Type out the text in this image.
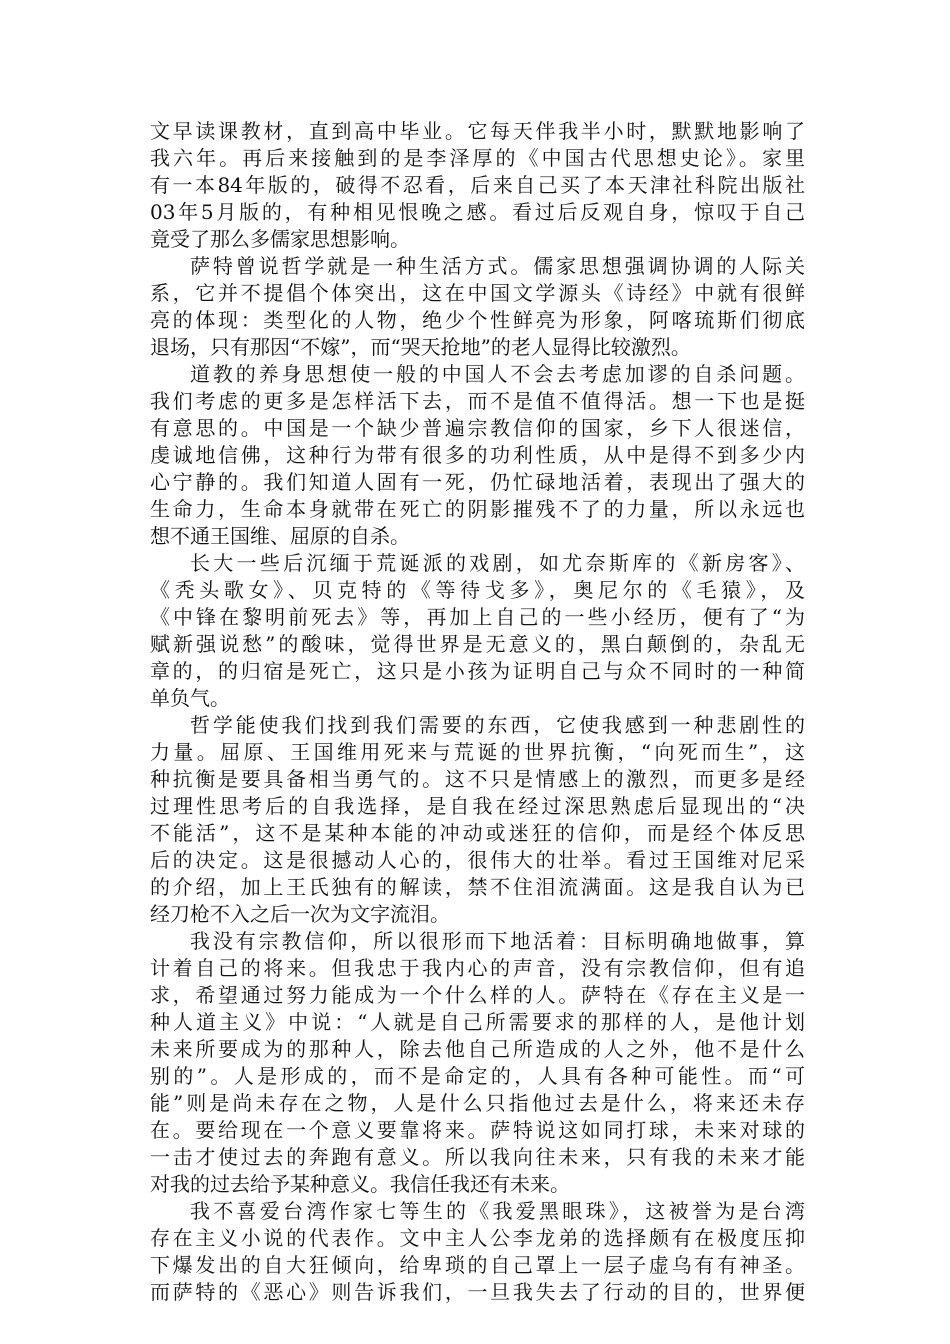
文早读课教材，直到高中毕业。它每天伴我半小时，默默地影响了
我六年。再后来接触到的是李泽厚的《中国古代思想史论》。家里
有一本84年版的，破得不忍看，后来自己买了本天津社科院出版社
03年5月版的，有种相见恨晚之感。看过后反观自身，惊叹于自己
竟受了那么多儒家思想影响。
萨特曾说哲学就是一种生活方式。儒家思想强调协调的人际关
系，它并不提倡个体突出，这在中国文学源头《诗经》中就有很鲜
亮的体现：类型化的人物，绝少个性鲜亮为形象，阿喀琉斯们彻底
退场，只有那因“不嫁”，而“哭天抢地”的老人显得比较激烈。
道教的养身思想使一般的中国人不会去考虑加谬的自杀问题。
我们考虑的更多是怎样活下去，而不是值不值得活。想一下也是挺
有意思的。中国是一个缺少普遍宗教信仰的国家，乡下人很迷信，
虔诚地信佛，这种行为带有很多的功利性质，从中是得不到多少内
心宁静的。我们知道人固有一死，仍忙碌地活着，表现出了强大的
生命力，生命本身就带在死亡的阴影摧残不了的力量，所以永远也
想不通王国维、屈原的自杀。
长大一些后沉缅于荒诞派的戏剧，如尤奈斯库的《新房客》、
《秃头歌女》、贝克特的《等待戈多》，奥尼尔的《毛猿》，及
《中锋在黎明前死去》等，再加上自己的一些小经历，便有了“为
赋新强说愁”的酸味，觉得世界是无意义的，黑白颠倒的，杂乱无
章的，的归宿是死亡，这只是小孩为证明自己与众不同时的一种简
单负气。
哲学能使我们找到我们需要的东西，它使我感到一种悲剧性的
力量。屈原、王国维用死来与荒诞的世界抗衡，“向死而生”，这
种抗衡是要具备相当勇气的。这不只是情感上的激烈，而更多是经
过理性思考后的自我选择，是自我在经过深思熟虑后显现出的“决
不能活”，这不是某种本能的冲动或迷狂的信仰，而是经个体反思
后的决定。这是很撼动人心的，很伟大的壮举。看过王国维对尼采
的介绍，加上王氏独有的解读，禁不住泪流满面。这是我自认为已
经刀枪不入之后一次为文字流泪。
我没有宗教信仰，所以很形而下地活着：目标明确地做事，算
计着自己的将来。但我忠于我内心的声音，没有宗教信仰，但有追
求，希望通过努力能成为一个什么样的人。萨特在《存在主义是一
种人道主义》中说：“人就是自己所需要求的那样的人，是他计划
未来所要成为的那种人，除去他自己所造成的人之外，他不是什么
别的”。人是形成的，而不是命定的，人具有各种可能性。而“可
能”则是尚未存在之物，人是什么只指他过去是什么，将来还未存
在。要给现在一个意义要靠将来。萨特说这如同打球，未来对球的
一击才使过去的奔跑有意义。所以我向往未来，只有我的未来才能
对我的过去给予某种意义。我信任我还有未来。
我不喜爱台湾作家七等生的《我爱黑眼珠》，这被誉为是台湾
存在主义小说的代表作。文中主人公李龙弟的选择颇有在极度压抑
下爆发出的自大狂倾向，给卑琐的自己罩上一层子虚乌有有神圣。
而萨特的《恶心》则告诉我们，一旦我失去了行动的目的，世界便
